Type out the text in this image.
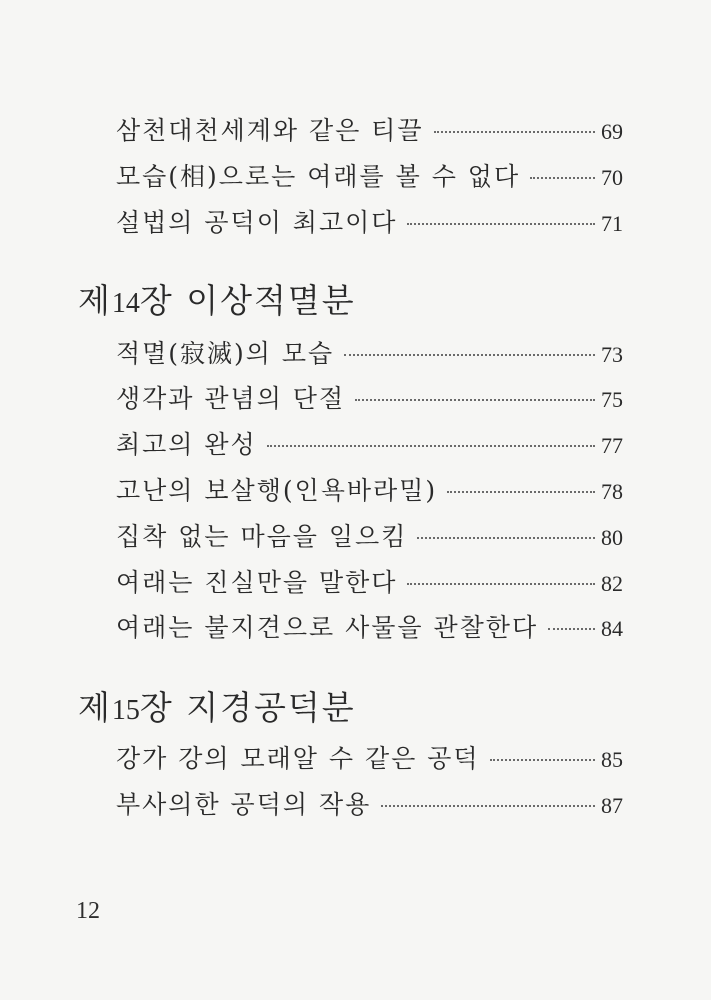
삼천대천세계와 같은 티끌	69
모습(相)으로는 여래를 볼 수 없다	70
설법의 공덕이 최고이다	71
제14장 이상적멸분
적멸(寂滅)의 모습	73
생각과 관념의 단절	75
최고의 완성	77
고난의 보살행(인욕바라밀)	78
집착 없는 마음을 일으킴	80
여래는 진실만을 말한다	82
여래는 불지견으로 사물을 관찰한다	84
제15장 지경공덕분
강가 강의 모래알 수 같은 공덕	85
부사의한 공덕의 작용	87
12
